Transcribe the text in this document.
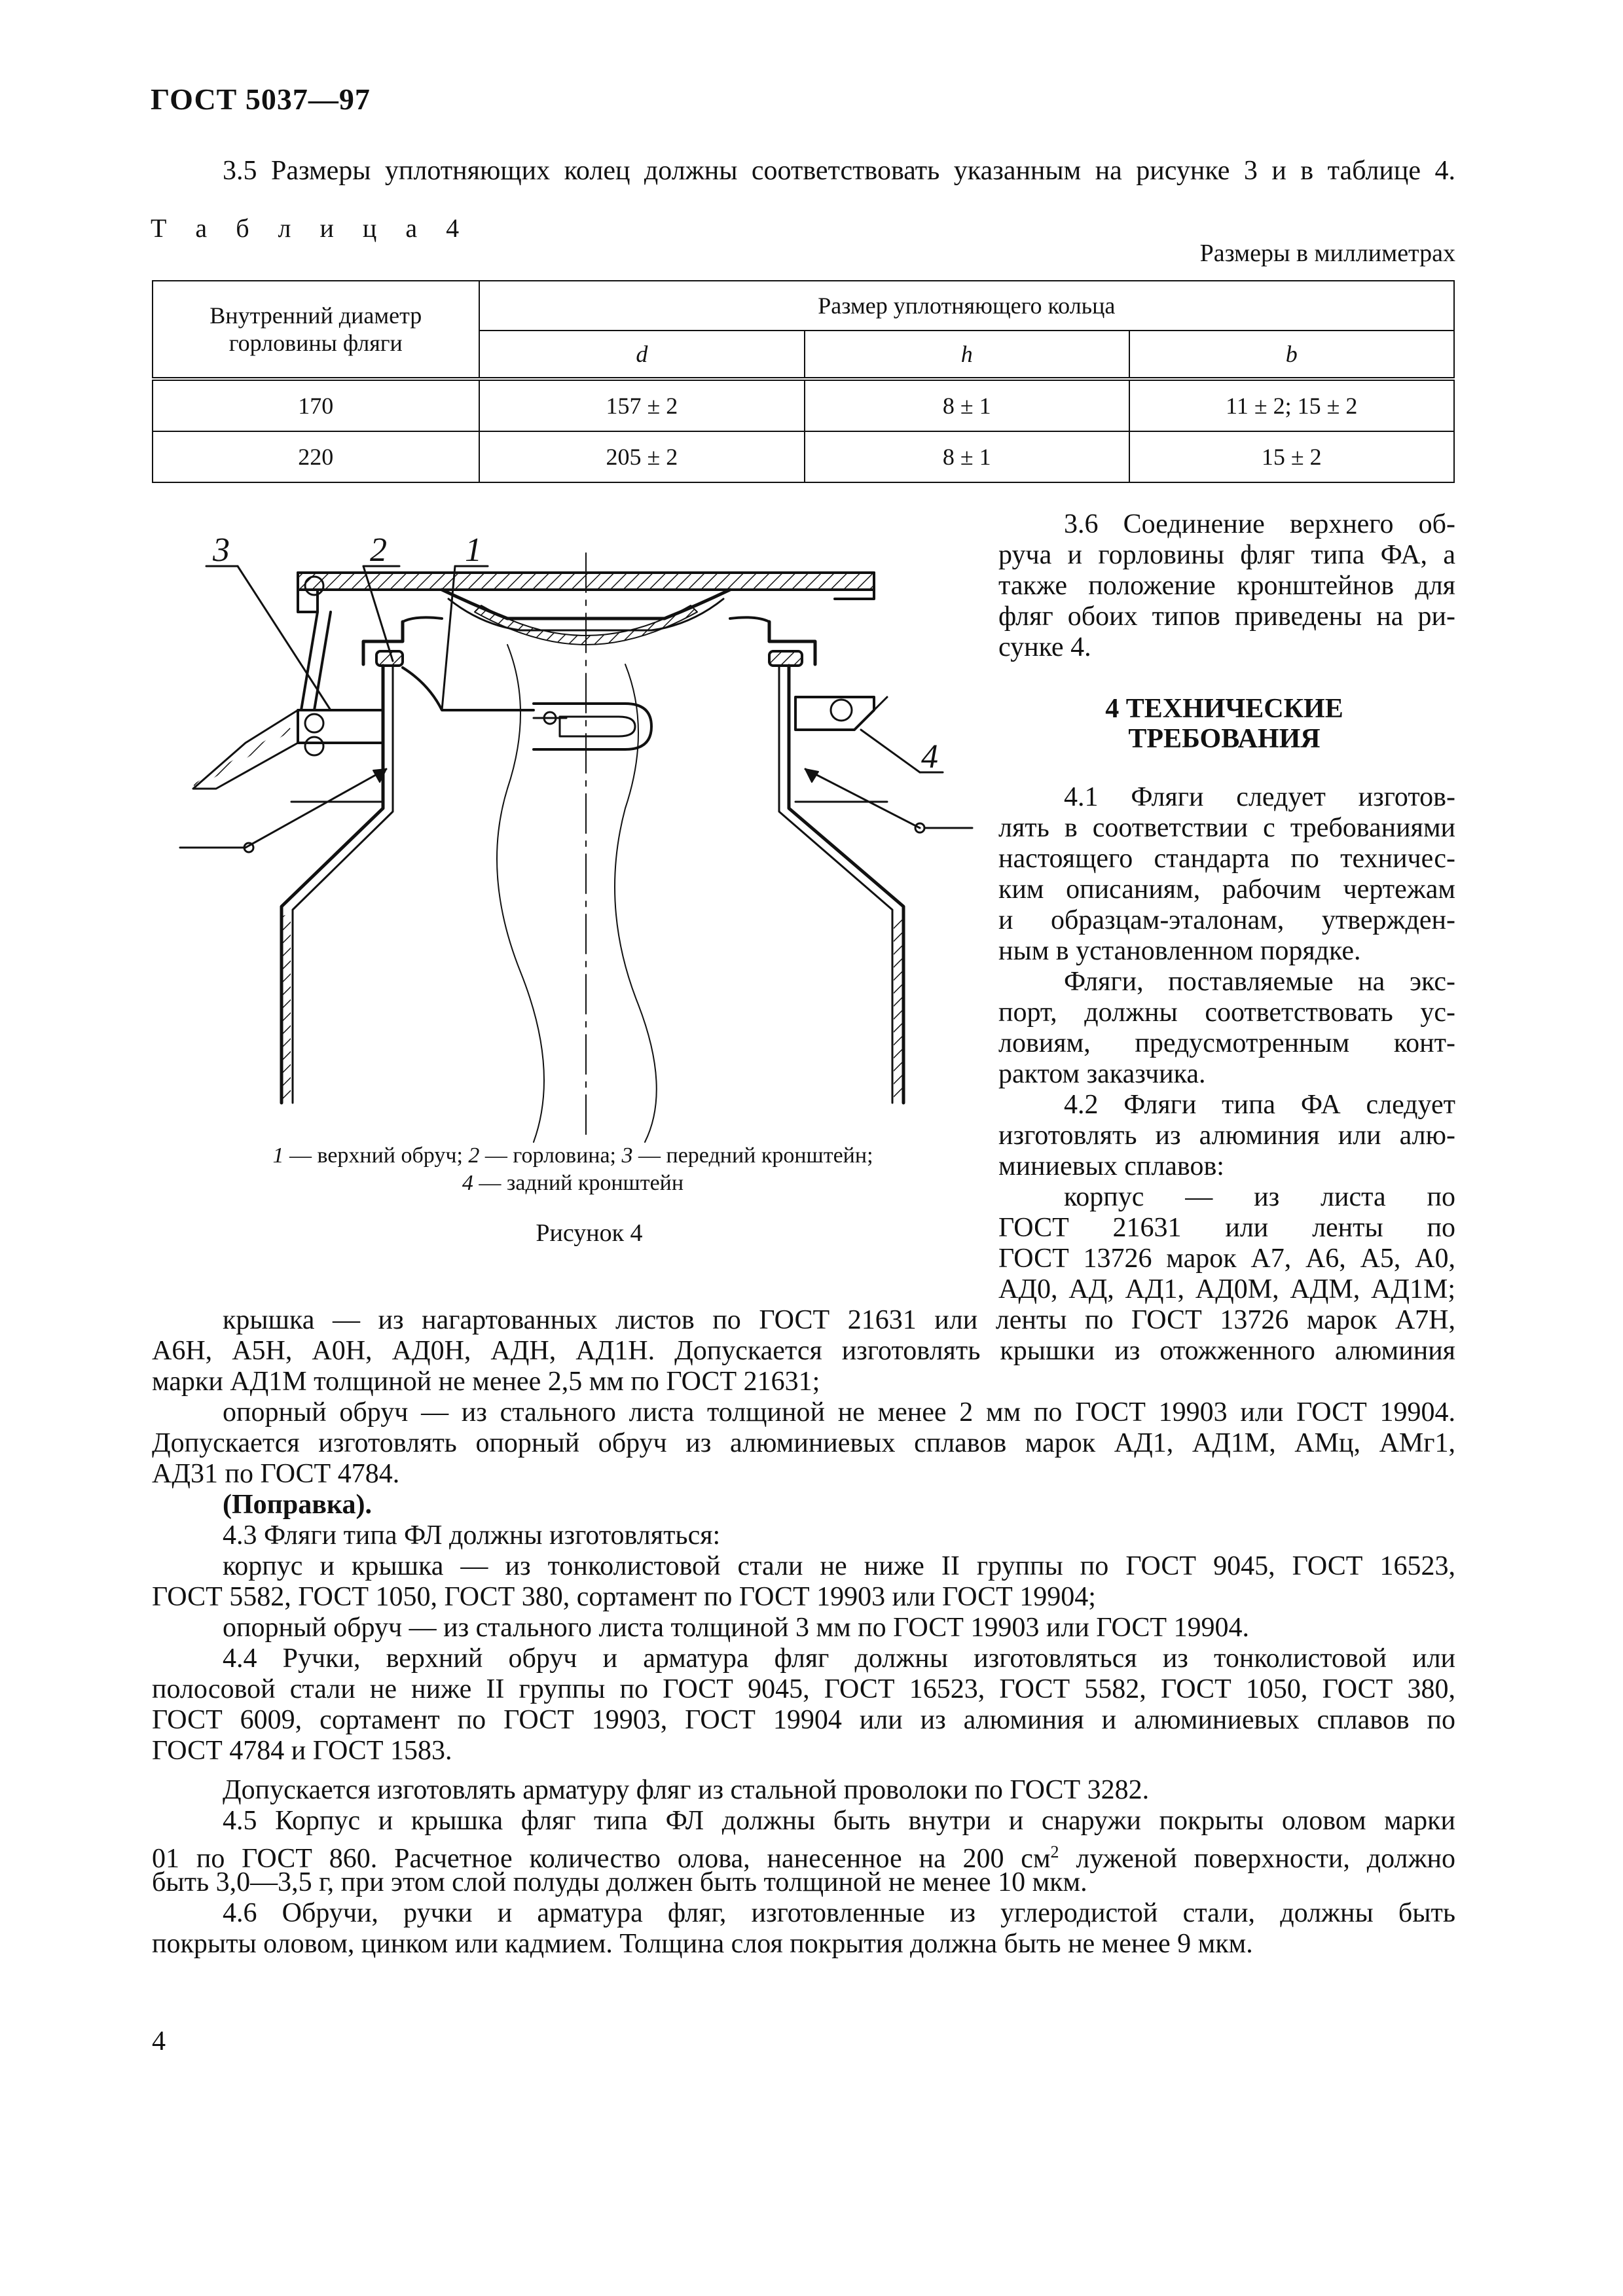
ГОСТ 5037—97

3.5 Размеры уплотняющих колец должны соответствовать указанным на рисунке 3 и в таблице 4.

Т а б л и ц а 4
Размеры в миллиметрах
Внутренний диаметр
горловины фляги	Размер уплотняющего кольца		
	d	h	b
170	157 ± 2	8 ± 1	11 ± 2; 15 ± 2
220	205 ± 2	8 ± 1	15 ± 2
3	2 1
4
1 — верхний обруч; 2 — горловина; 3 — передний кронштейн;
4 — задний кронштейн
Рисунок 4

3.6 Соединение верхнего об-

руча и горловины фляг типа ФА, а

также положение кронштейнов для

фляг обоих типов приведены на ри-

сунке 4.

4 ТЕХНИЧЕСКИЕ
ТРЕБОВАНИЯ

4.1 Фляги следует изготов-

лять в соответствии с требованиями

настоящего стандарта по техничес-

ким описаниям, рабочим чертежам

и образцам-эталонам, утвержден-

ным в установленном порядке.

Фляги, поставляемые на экс-

порт, должны соответствовать ус-

ловиям, предусмотренным конт-

рактом заказчика.

4.2 Фляги типа ФА следует

изготовлять из алюминия или алю-

миниевых сплавов:

корпус — из листа по

ГОСТ 21631 или ленты по

ГОСТ 13726 марок А7, А6, А5, А0,

АД0, АД, АД1, АД0М, АДМ, АД1М;

крышка — из нагартованных листов по ГОСТ 21631 или ленты по ГОСТ 13726 марок А7Н,

А6Н, А5Н, А0Н, АД0Н, АДН, АД1Н. Допускается изготовлять крышки из отожженного алюминия

марки АД1М толщиной не менее 2,5 мм по ГОСТ 21631;

опорный обруч — из стального листа толщиной не менее 2 мм по ГОСТ 19903 или ГОСТ 19904.

Допускается изготовлять опорный обруч из алюминиевых сплавов марок АД1, АД1М, АМц, АМг1,

АД31 по ГОСТ 4784.

(Поправка).

4.3 Фляги типа ФЛ должны изготовляться:

корпус и крышка — из тонколистовой стали не ниже II группы по ГОСТ 9045, ГОСТ 16523,

ГОСТ 5582, ГОСТ 1050, ГОСТ 380, сортамент по ГОСТ 19903 или ГОСТ 19904;

опорный обруч — из стального листа толщиной 3 мм по ГОСТ 19903 или ГОСТ 19904.

4.4 Ручки, верхний обруч и арматура фляг должны изготовляться из тонколистовой или

полосовой стали не ниже II группы по ГОСТ 9045, ГОСТ 16523, ГОСТ 5582, ГОСТ 1050, ГОСТ 380,

ГОСТ 6009, сортамент по ГОСТ 19903, ГОСТ 19904 или из алюминия и алюминиевых сплавов по

ГОСТ 4784 и ГОСТ 1583.

Допускается изготовлять арматуру фляг из стальной проволоки по ГОСТ 3282.

4.5 Корпус и крышка фляг типа ФЛ должны быть внутри и снаружи покрыты оловом марки

01 по ГОСТ 860. Расчетное количество олова, нанесенное на 200 $см^2$ луженой поверхности, должно

быть 3,0—3,5 г, при этом слой полуды должен быть толщиной не менее 10 мкм.

4.6 Обручи, ручки и арматура фляг, изготовленные из углеродистой стали, должны быть

покрыты оловом, цинком или кадмием. Толщина слоя покрытия должна быть не менее 9 мкм.

4
